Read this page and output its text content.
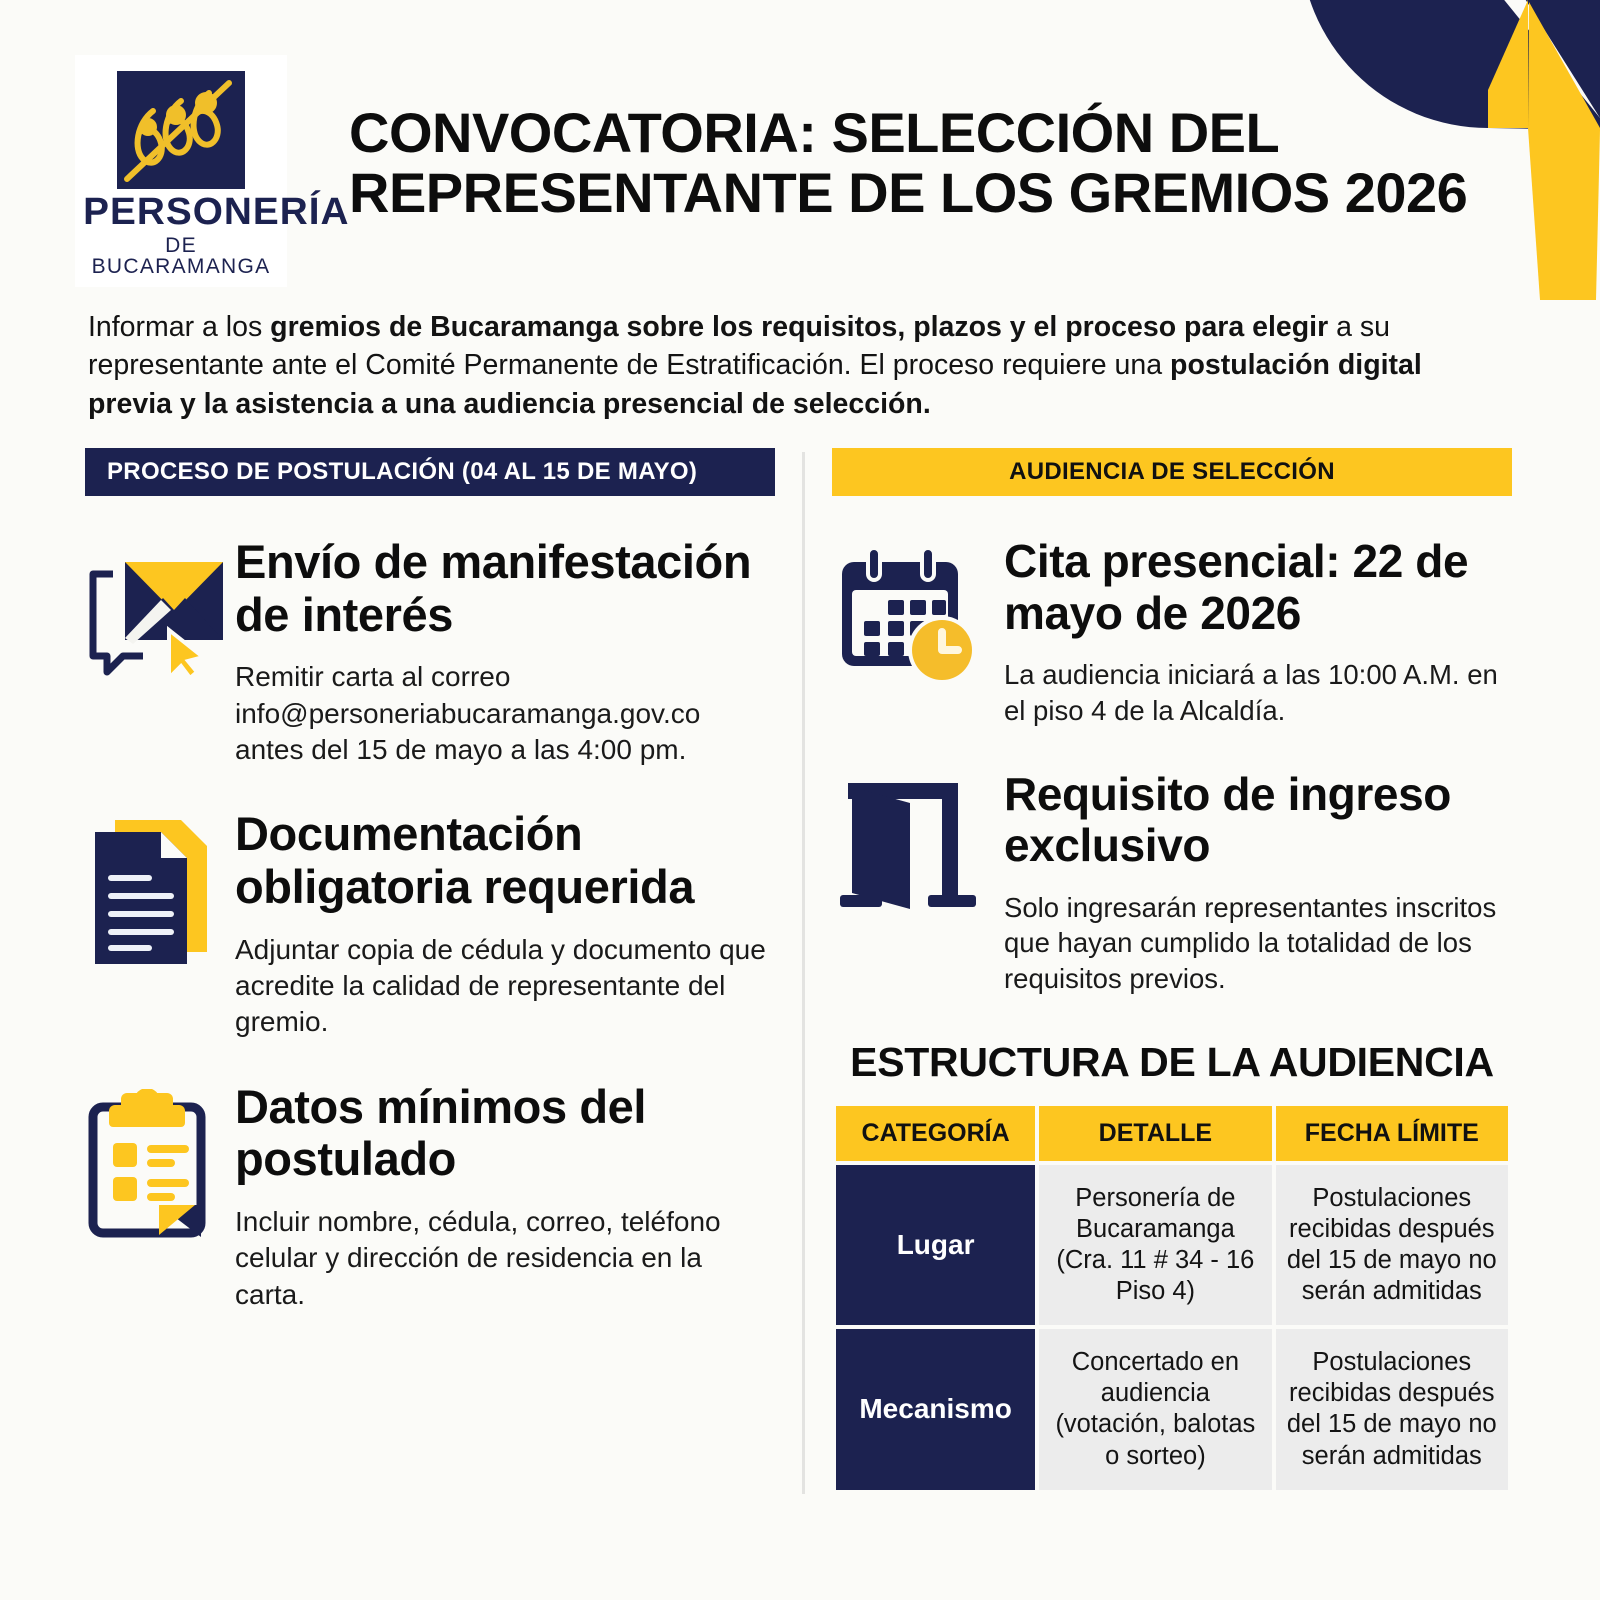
PERSONERÍA
DE BUCARAMANGA
CONVOCATORIA: SELECCIÓN DEL REPRESENTANTE DE LOS GREMIOS 2026

Informar a los gremios de Bucaramanga sobre los requisitos, plazos y el proceso para elegir a su representante ante el Comité Permanente de Estratificación. El proceso requiere una postulación digital previa y la asistencia a una audiencia presencial de selección.

PROCESO DE POSTULACIÓN (04 AL 15 DE MAYO)
Envío de manifestación de interés
Remitir carta al correo info@personeriabucaramanga.gov.co antes del 15 de mayo a las 4:00 pm.
Documentación obligatoria requerida
Adjuntar copia de cédula y documento que acredite la calidad de representante del gremio.
Datos mínimos del postulado
Incluir nombre, cédula, correo, teléfono celular y dirección de residencia en la carta.
AUDIENCIA DE SELECCIÓN
Cita presencial: 22 de mayo de 2026
La audiencia iniciará a las 10:00 A.M. en el piso 4 de la Alcaldía.
Requisito de ingreso exclusivo
Solo ingresarán representantes inscritos que hayan cumplido la totalidad de los requisitos previos.
ESTRUCTURA DE LA AUDIENCIA
CATEGORÍA	DETALLE	FECHA LÍMITE
Lugar	Personería de Bucaramanga (Cra. 11 # 34 - 16 Piso 4)	Postulaciones recibidas después del 15 de mayo no serán admitidas
Mecanismo	Concertado en audiencia (votación, balotas o sorteo)	Postulaciones recibidas después del 15 de mayo no serán admitidas
